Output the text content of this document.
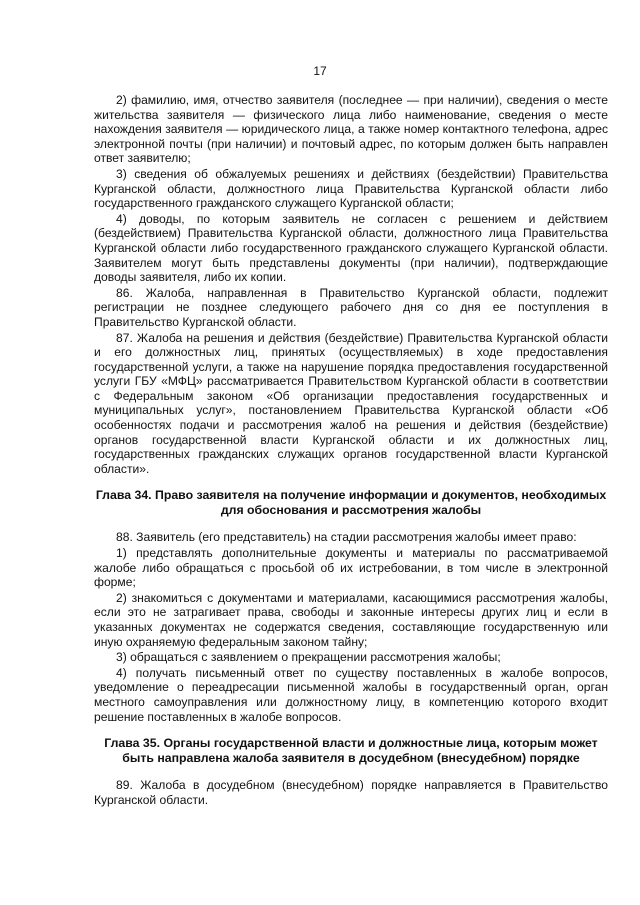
17

2) фамилию, имя, отчество заявителя (последнее — при наличии), сведения о месте жительства заявителя — физического лица либо наименование, сведения о месте нахождения заявителя — юридического лица, а также номер контактного телефона, адрес электронной почты (при наличии) и почтовый адрес, по которым должен быть направлен ответ заявителю;

3) сведения об обжалуемых решениях и действиях (бездействии) Правительства Курганской области, должностного лица Правительства Курганской области либо государственного гражданского служащего Курганской области;

4) доводы, по которым заявитель не согласен с решением и действием (бездействием) Правительства Курганской области, должностного лица Правительства Курганской области либо государственного гражданского служащего Курганской области. Заявителем могут быть представлены документы (при наличии), подтверждающие доводы заявителя, либо их копии.

86. Жалоба, направленная в Правительство Курганской области, подлежит регистрации не позднее следующего рабочего дня со дня ее поступления в Правительство Курганской области.

87. Жалоба на решения и действия (бездействие) Правительства Курганской области и его должностных лиц, принятых (осуществляемых) в ходе предоставления государственной услуги, а также на нарушение порядка предоставления государственной услуги ГБУ «МФЦ» рассматривается Правительством Курганской области в соответствии с Федеральным законом «Об организации предоставления государственных и муниципальных услуг», постановлением Правительства Курганской области «Об особенностях подачи и рассмотрения жалоб на решения и действия (бездействие) органов государственной власти Курганской области и их должностных лиц, государственных гражданских служащих органов государственной власти Курганской области».

Глава 34. Право заявителя на получение информации и документов, необходимых для обоснования и рассмотрения жалобы

88. Заявитель (его представитель) на стадии рассмотрения жалобы имеет право:

1) представлять дополнительные документы и материалы по рассматриваемой жалобе либо обращаться с просьбой об их истребовании, в том числе в электронной форме;

2) знакомиться с документами и материалами, касающимися рассмотрения жалобы, если это не затрагивает права, свободы и законные интересы других лиц и если в указанных документах не содержатся сведения, составляющие государственную или иную охраняемую федеральным законом тайну;

3) обращаться с заявлением о прекращении рассмотрения жалобы;

4) получать письменный ответ по существу поставленных в жалобе вопросов, уведомление о переадресации письменной жалобы в государственный орган, орган местного самоуправления или должностному лицу, в компетенцию которого входит решение поставленных в жалобе вопросов.

Глава 35. Органы государственной власти и должностные лица, которым может быть направлена жалоба заявителя в досудебном (внесудебном) порядке

89. Жалоба в досудебном (внесудебном) порядке направляется в Правительство Курганской области.
